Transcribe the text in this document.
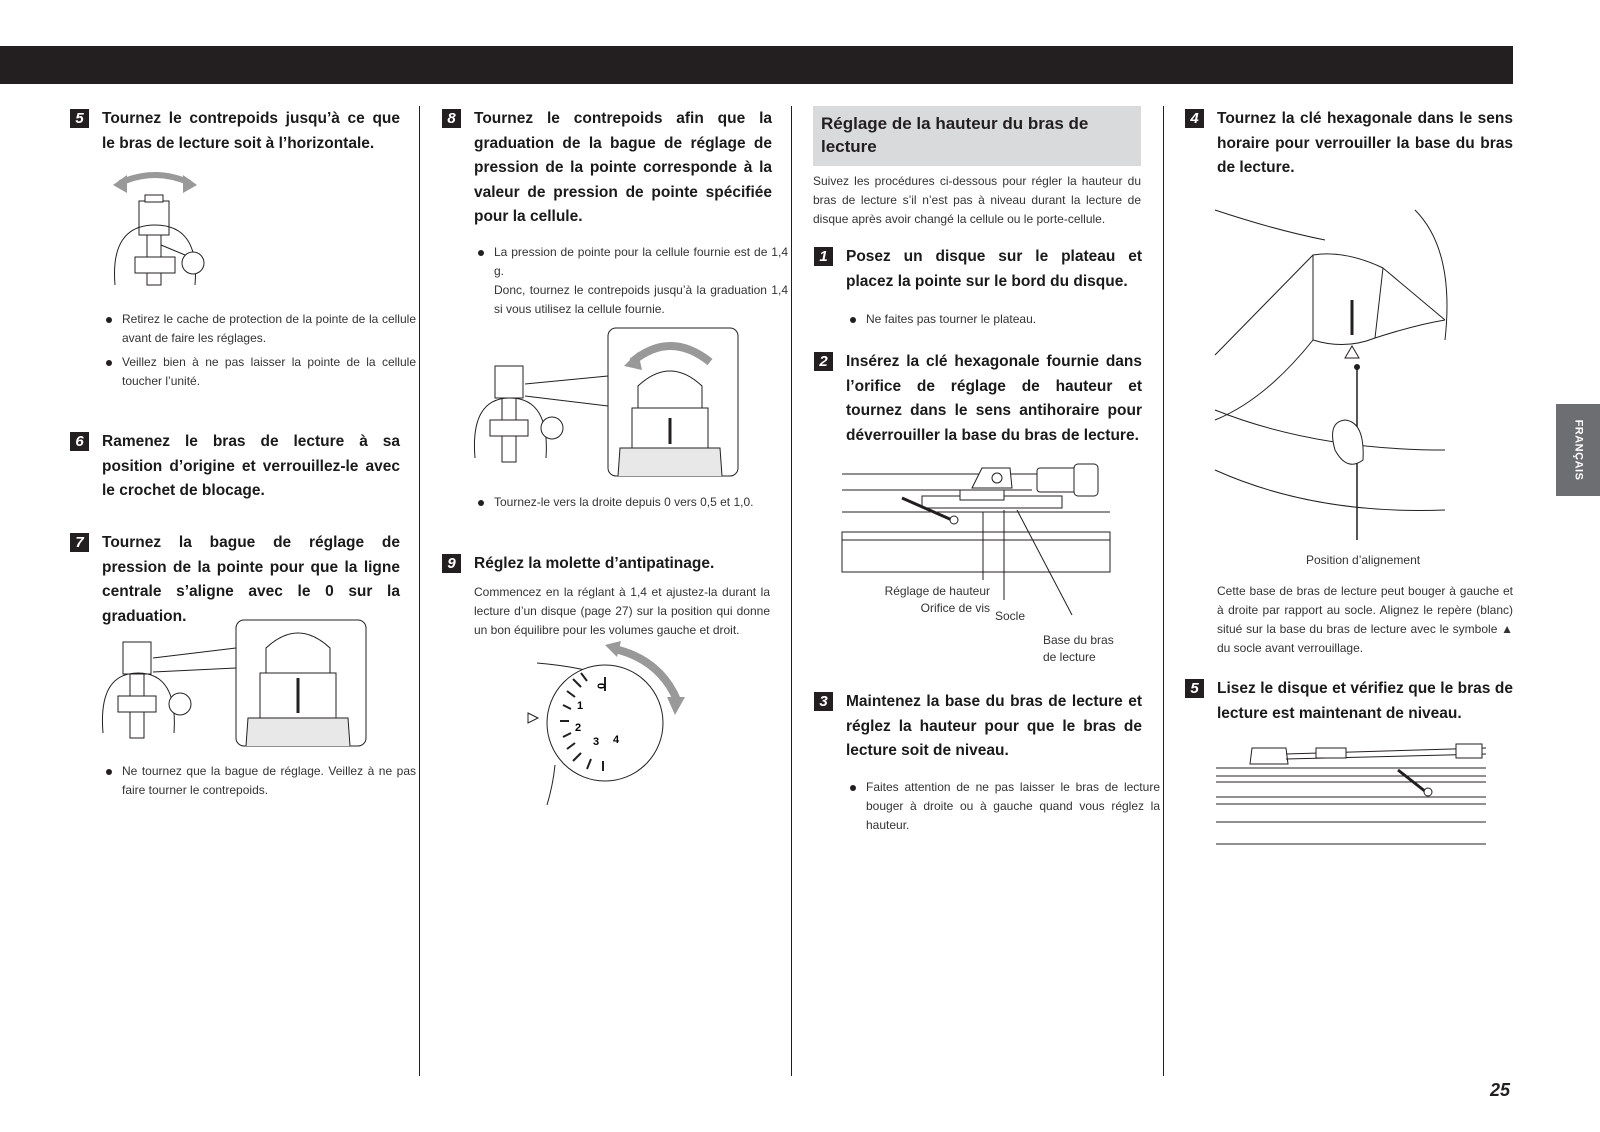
FRANÇAIS
5	Tournez le contrepoids jusqu’à ce que le bras de lecture soit à l’horizontale.
Retirez le cache de protection de la pointe de la cellule avant de faire les réglages.
Veillez bien à ne pas laisser la pointe de la cellule toucher l’unité.
6	Ramenez le bras de lecture à sa position d’origine et verrouillez-le avec le crochet de blocage.
7	Tournez la bague de réglage de pression de la pointe pour que la ligne centrale s’aligne avec le 0 sur la graduation.
Ne tournez que la bague de réglage. Veillez à ne pas faire tourner le contrepoids.
8	Tournez le contrepoids afin que la graduation de la bague de réglage de pression de la pointe corresponde à la valeur de pression de pointe spécifiée pour la cellule.
La pression de pointe pour la cellule fournie est de 1,4 g.
Donc, tournez le contrepoids jusqu’à la graduation 1,4 si vous utilisez la cellule fournie.
Tournez-le vers la droite depuis 0 vers 0,5 et 1,0.
9	Réglez la molette d’antipatinage.
Commencez en la réglant à 1,4 et ajustez-la durant la lecture d’un disque (page 27) sur la position qui donne un bon équilibre pour les volumes gauche et droit.
0
1
2
3 4
Réglage de la hauteur du bras de lecture
Suivez les procédures ci-dessous pour régler la hauteur du bras de lecture s’il n’est pas à niveau durant la lecture de disque après avoir changé la cellule ou le porte-cellule.
1	Posez un disque sur le plateau et placez la pointe sur le bord du disque.
Ne faites pas tourner le plateau.
2	Insérez la clé hexagonale fournie dans l’orifice de réglage de hauteur et tournez dans le sens antihoraire pour déverrouiller la base du bras de lecture.
Réglage de hauteur
Orifice de vis
Socle
Base du bras
de lecture
3	Maintenez la base du bras de lecture et réglez la hauteur pour que le bras de lecture soit de niveau.
Faites attention de ne pas laisser le bras de lecture bouger à droite ou à gauche quand vous réglez la hauteur.
4	Tournez la clé hexagonale dans le sens horaire pour verrouiller la base du bras de lecture.
Position d’alignement
Cette base de bras de lecture peut bouger à gauche et à droite par rapport au socle. Alignez le repère (blanc) situé sur la base du bras de lecture avec le symbole ▲ du socle avant verrouillage.
5	Lisez le disque et vérifiez que le bras de lecture est maintenant de niveau.
25
